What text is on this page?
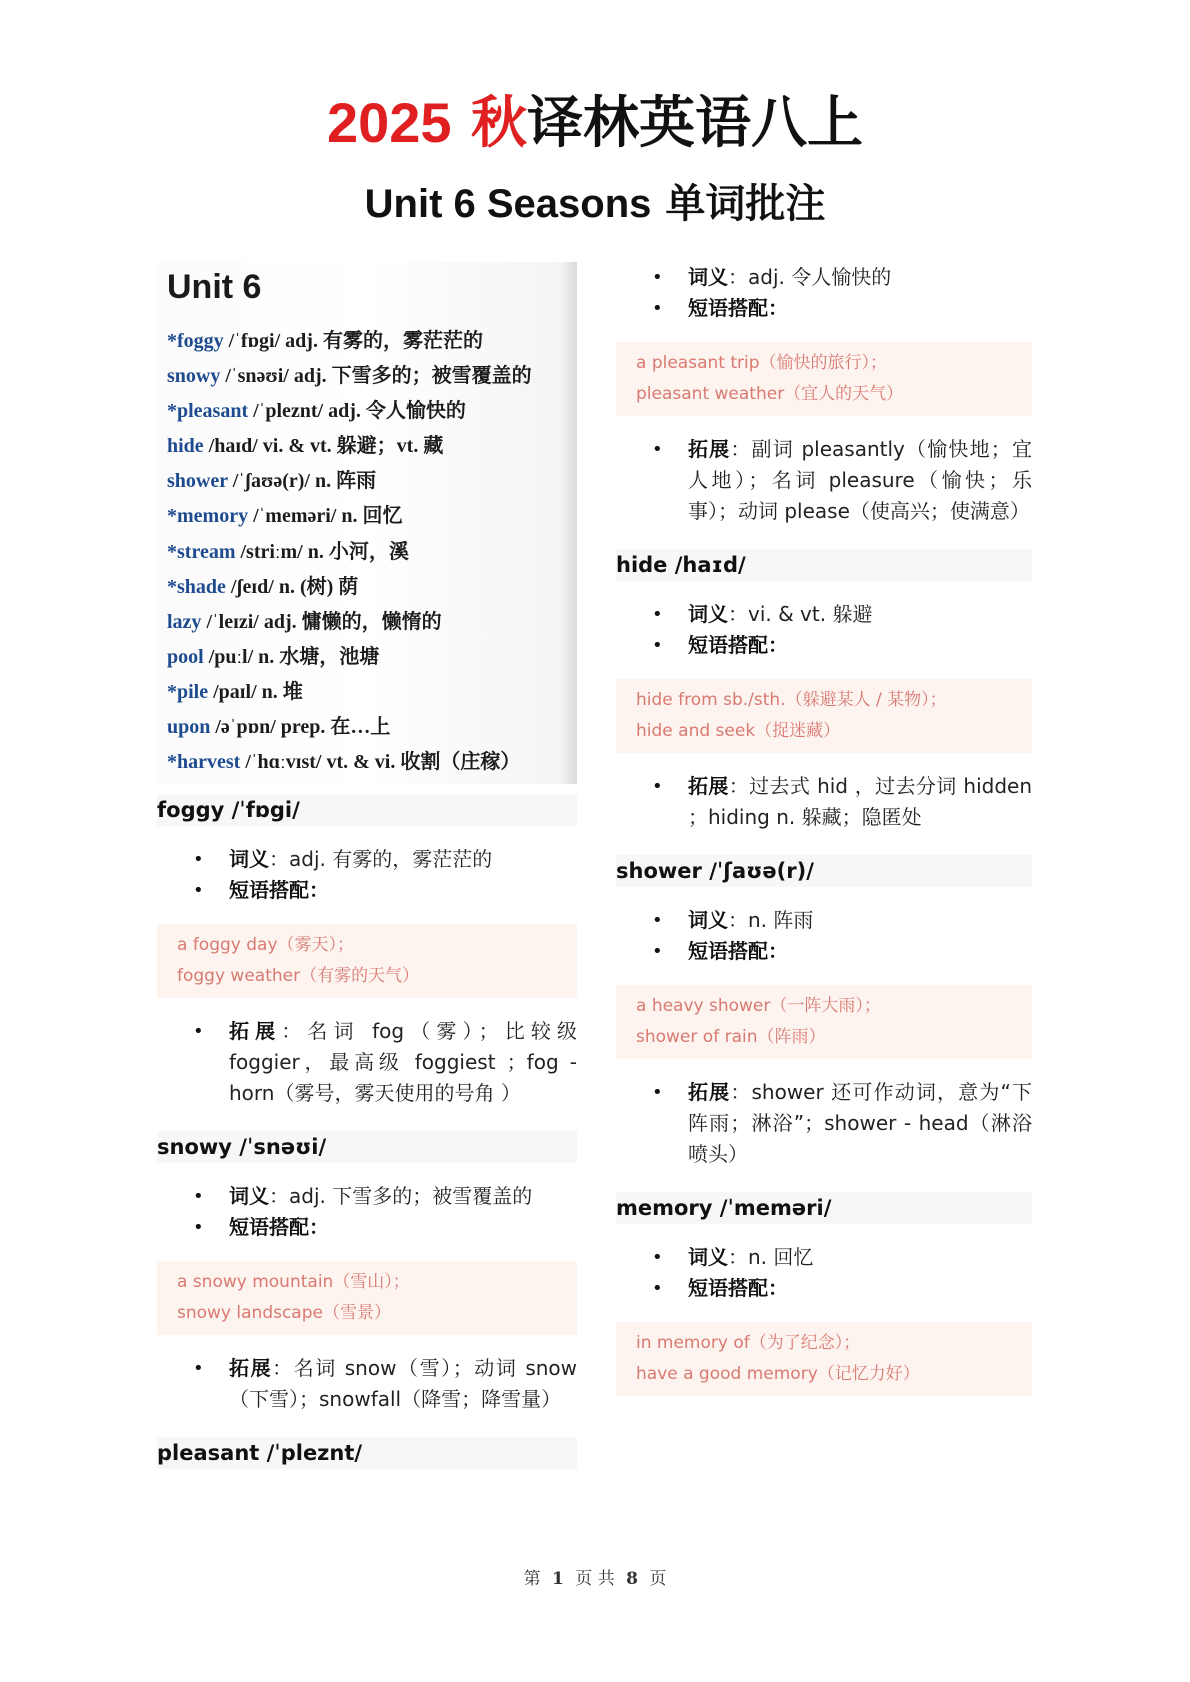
2025 秋译林英语八上
Unit 6 Seasons 单词批注
Unit 6
*foggy /ˈfɒgi/ adj. 有雾的，雾茫茫的
snowy /ˈsnəʊi/ adj. 下雪多的；被雪覆盖的
*pleasant /ˈpleznt/ adj. 令人愉快的
hide /haɪd/ vi. & vt. 躲避；vt. 藏
shower /ˈʃaʊə(r)/ n. 阵雨
*memory /ˈmeməri/ n. 回忆
*stream /striːm/ n. 小河，溪
*shade /ʃeɪd/ n. (树) 荫
lazy /ˈleɪzi/ adj. 慵懒的，懒惰的
pool /puːl/ n. 水塘，池塘
*pile /paɪl/ n. 堆
upon /əˈpɒn/ prep. 在…上
*harvest /ˈhɑːvɪst/ vt. & vi. 收割（庄稼）
foggy /ˈfɒgi/
• 词义：adj. 有雾的，雾茫茫的
• 短语搭配：
a foggy day（雾天）；
foggy weather（有雾的天气）
• 拓展：名词 fog（雾）；比较级 foggier，最高级 foggiest ；fog - horn（雾号，雾天使用的号角 ）
snowy /ˈsnəʊi/
• 词义：adj. 下雪多的；被雪覆盖的
• 短语搭配：
a snowy mountain（雪山）；
snowy landscape（雪景）
• 拓展：名词 snow（雪）；动词 snow（下雪）；snowfall（降雪；降雪量）
pleasant /ˈpleznt/
• 词义：adj. 令人愉快的
• 短语搭配：
a pleasant trip（愉快的旅行）；
pleasant weather（宜人的天气）
• 拓展：副词 pleasantly（愉快地；宜人地）；名词 pleasure（愉快；乐事）；动词 please（使高兴；使满意）
hide /haɪd/
• 词义：vi. & vt. 躲避
• 短语搭配：
hide from sb./sth.（躲避某人 / 某物）；
hide and seek（捉迷藏）
• 拓展：过去式 hid ，过去分词 hidden ；hiding n. 躲藏；隐匿处
shower /ˈʃaʊə(r)/
• 词义：n. 阵雨
• 短语搭配：
a heavy shower（一阵大雨）；
shower of rain（阵雨）
• 拓展：shower 还可作动词，意为“下阵雨；淋浴”；shower - head（淋浴喷头）
memory /ˈmeməri/
• 词义：n. 回忆
• 短语搭配：
in memory of（为了纪念）；
have a good memory（记忆力好）
第 1 页 共 8 页
